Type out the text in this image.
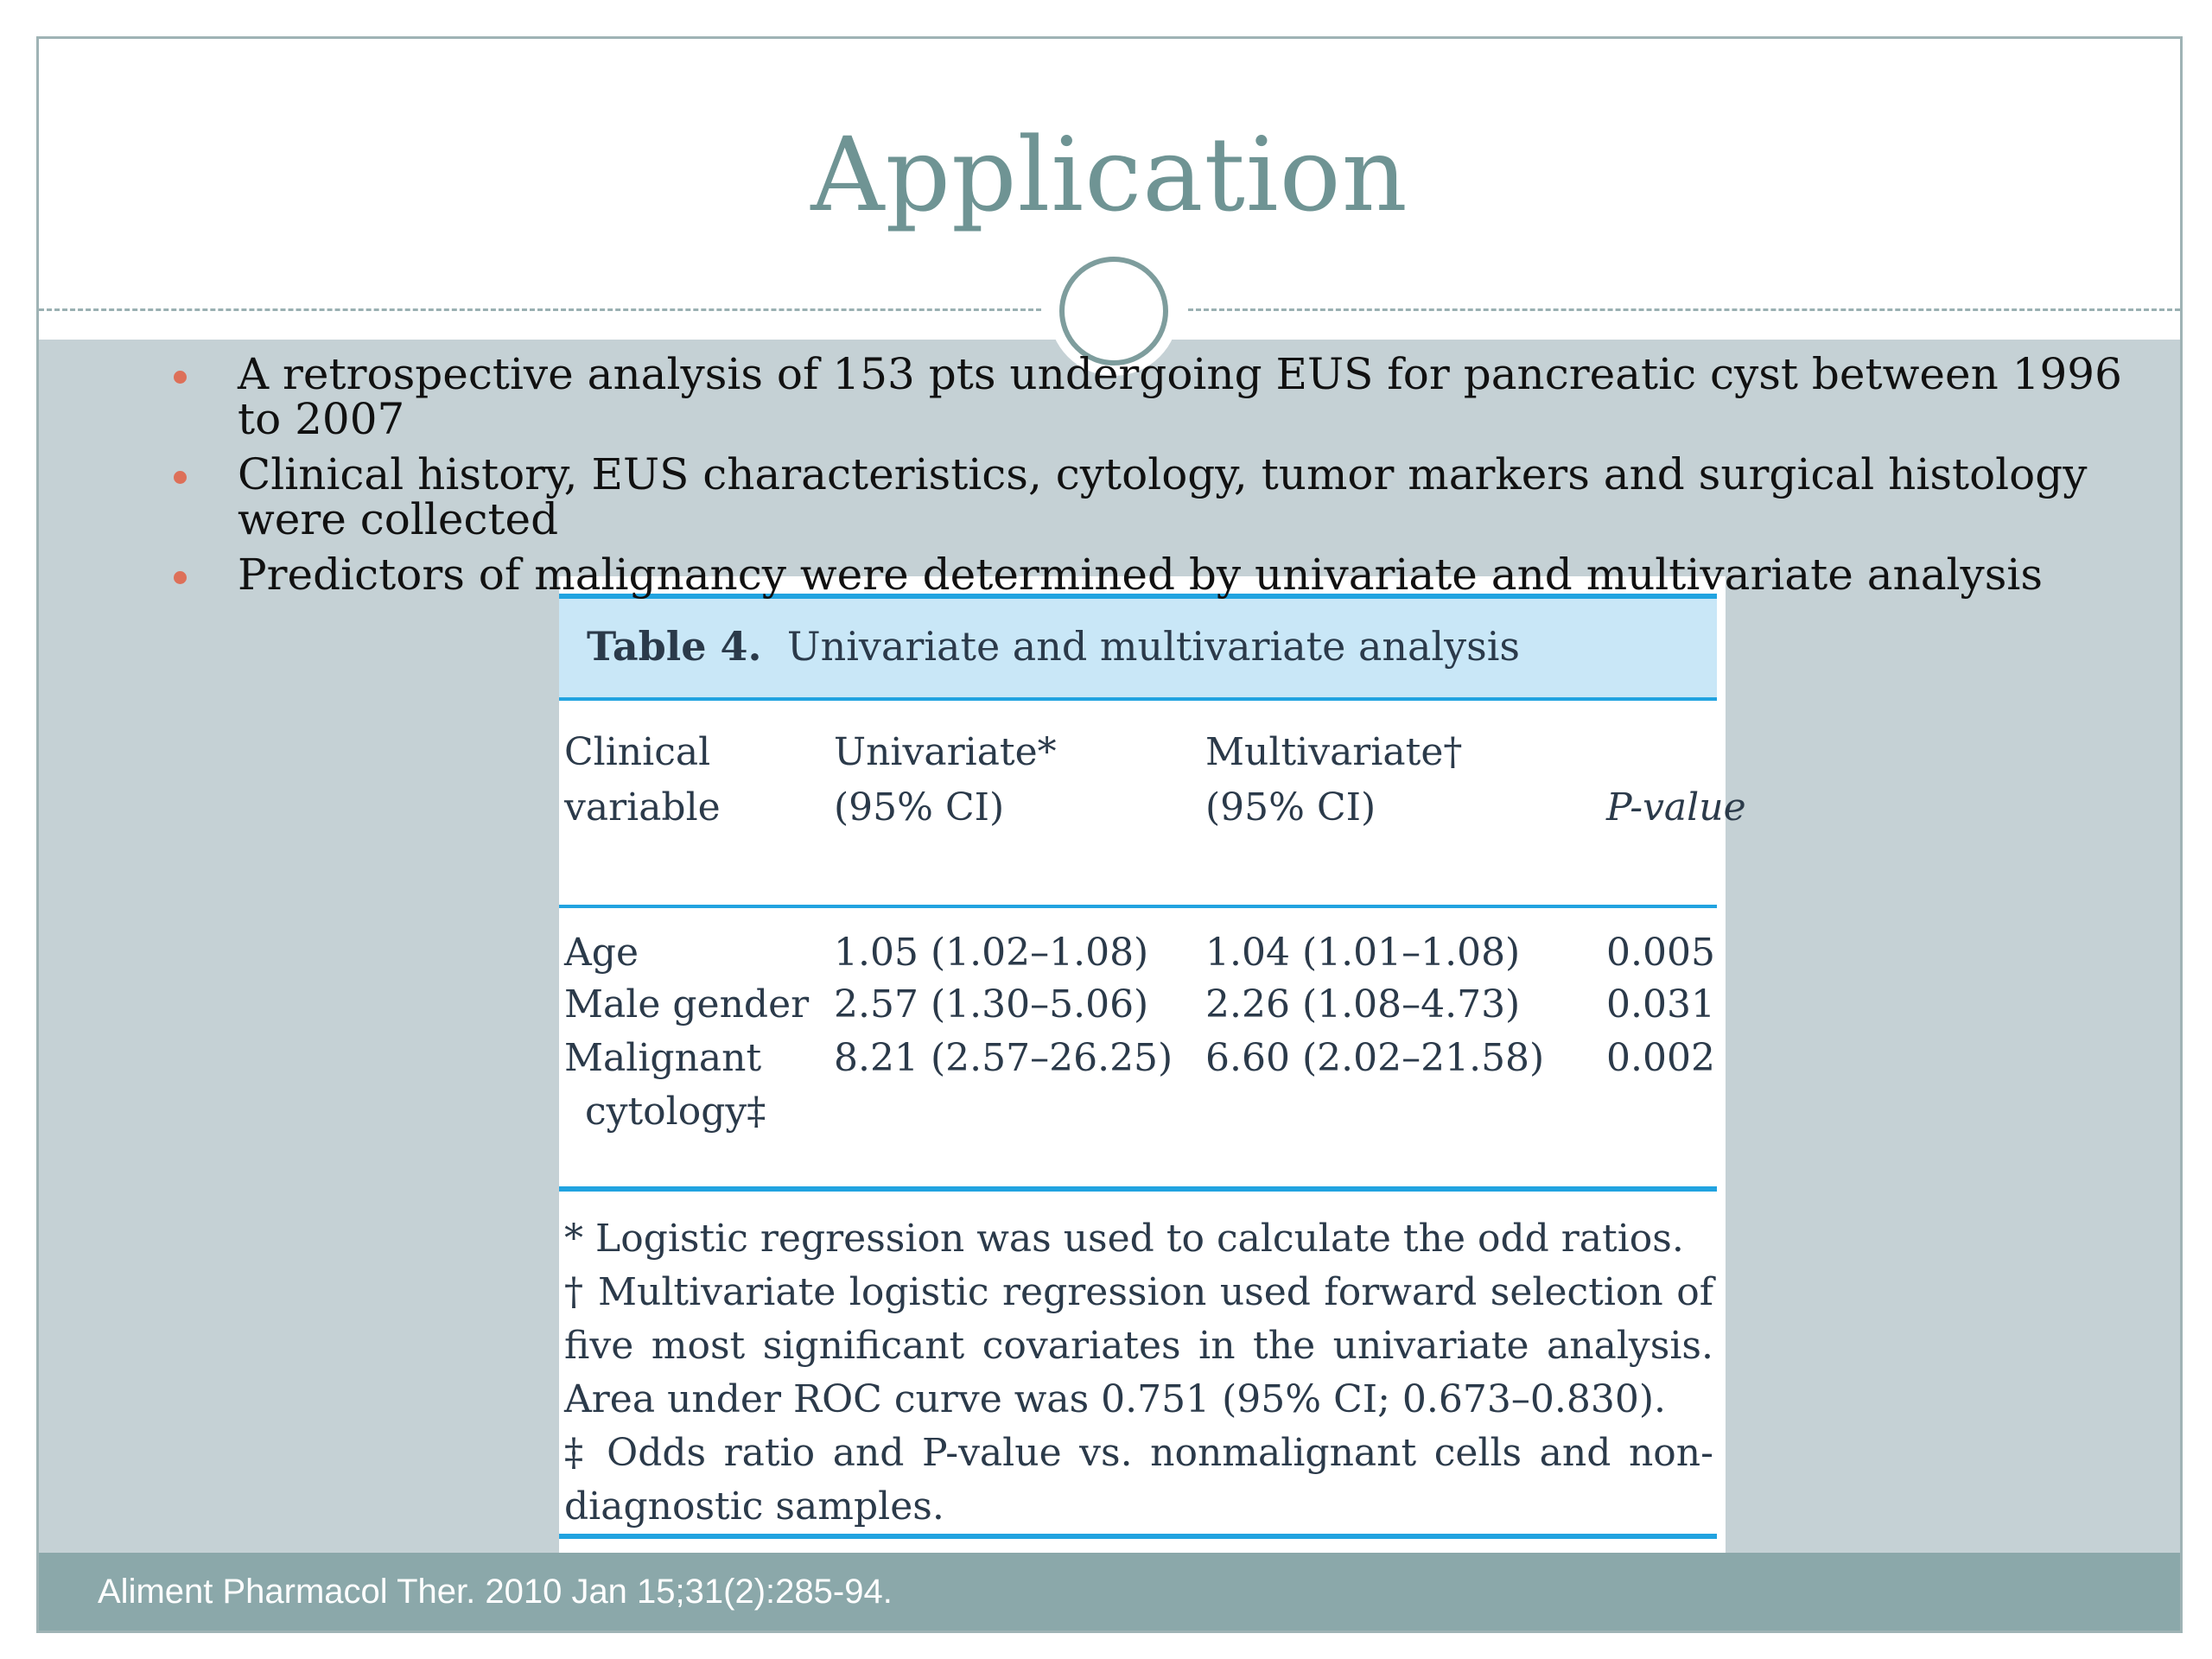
Application
A retrospective analysis of 153 pts undergoing EUS for pancreatic cyst between 1996 to 2007
Clinical history, EUS characteristics, cytology, tumor markers and surgical histology were collected
Predictors of malignancy were determined by univariate and multivariate analysis
Table 4. Univariate and multivariate analysis
Clinical
variable
Univariate*
(95% CI)
Multivariate†
(95% CI)	P-value
Age	1.05 (1.02–1.08) 1.04 (1.01–1.08) 0.005
Male gender 2.57 (1.30–5.06) 2.26 (1.08–4.73) 0.031
Malignant
cytology‡
8.21 (2.57–26.25) 6.60 (2.02–21.58) 0.002
* Logistic regression was used to calculate the odd ratios.
† Multivariate logistic regression used forward selection of five most significant covariates in the univariate analysis. Area under ROC curve was 0.751 (95% CI; 0.673–0.830).
‡ Odds ratio and P-value vs. nonmalignant cells and non-diagnostic samples.
Aliment Pharmacol Ther. 2010 Jan 15;31(2):285-94.
